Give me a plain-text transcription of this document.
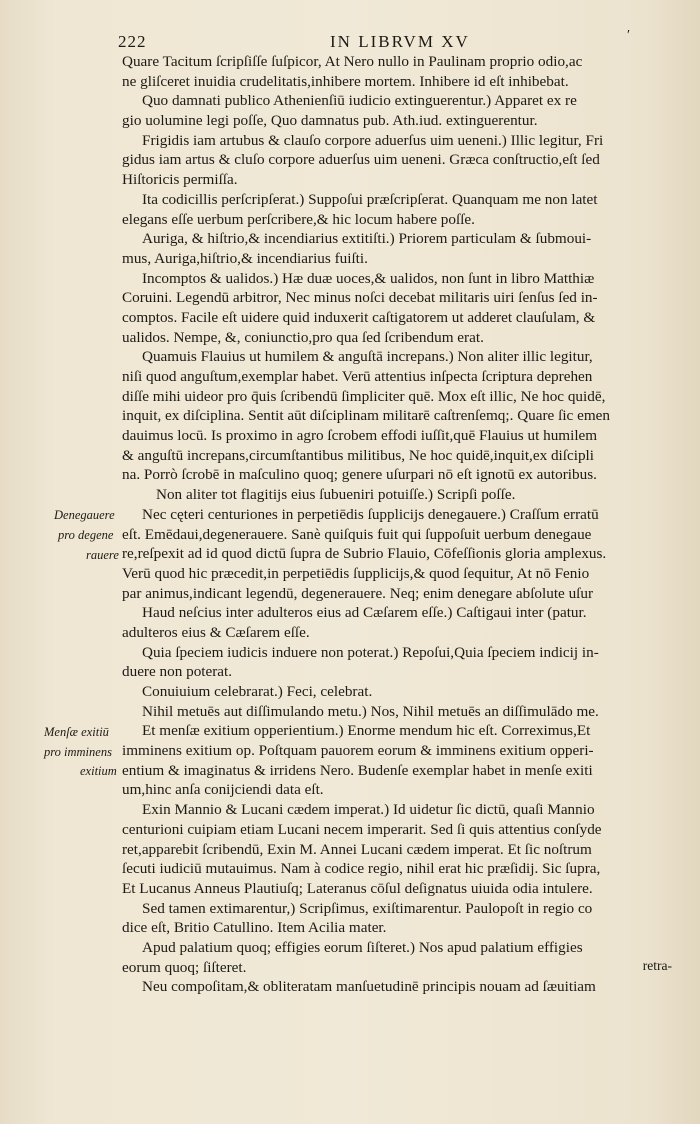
222	IN LIBRVM XV	′
Denegauere
pro degene
rauere
Menſæ exitiū
pro imminens
exitium
Quare Tacitum ſcripſiſſe ſuſpicor, At Nero nullo in Paulinam proprio odio,ac
ne gliſceret inuidia crudelitatis,inhibere mortem. Inhibere id eſt inhibebat.
Quo damnati publico Athenienſiū iudicio extinguerentur.) Apparet ex re
gio uolumine legi poſſe, Quo damnatus pub. Ath.iud. extinguerentur.
Frigidis iam artubus & clauſo corpore aduerſus uim ueneni.) Illic legitur, Fri
gidus iam artus & cluſo corpore aduerſus uim ueneni. Græca conſtructio,eſt ſed
Hiſtoricis permiſſa.
Ita codicillis perſcripſerat.) Suppoſui præſcripſerat. Quanquam me non latet
elegans eſſe uerbum perſcribere,& hic locum habere poſſe.
Auriga, & hiſtrio,& incendiarius extitiſti.) Priorem particulam & ſubmoui-
mus, Auriga,hiſtrio,& incendiarius fuiſti.
Incomptos & ualidos.) Hæ duæ uoces,& ualidos, non ſunt in libro Matthiæ
Coruini. Legendū arbitror, Nec minus noſci decebat militaris uiri ſenſus ſed in-
comptos. Facile eſt uidere quid induxerit caſtigatorem ut adderet clauſulam, &
ualidos. Nempe, &, coniunctio,pro qua ſed ſcribendum erat.
Quamuis Flauius ut humilem & anguſtā increpans.) Non aliter illic legitur,
niſi quod anguſtum,exemplar habet. Verū attentius inſpecta ſcriptura deprehen
diſſe mihi uideor pro q̄uis ſcribendū ſimpliciter quē. Mox eſt illic, Ne hoc quidē,
inquit, ex diſciplina. Sentit aūt diſciplinam militarē caſtrenſemq;. Quare ſic emen
dauimus locū. Is proximo in agro ſcrobem effodi iuſſit,quē Flauius ut humilem
& anguſtū increpans,circumſtantibus militibus, Ne hoc quidē,inquit,ex diſcipli
na. Porrò ſcrobē in maſculino quoq; genere uſurpari nō eſt ignotū ex autoribus.
Non aliter tot flagitijs eius ſubueniri potuiſſe.) Scripſi poſſe.
Nec cęteri centuriones in perpetiēdis ſupplicijs denegauere.) Craſſum erratū
eſt. Emēdaui,degenerauere. Sanè quiſquis fuit qui ſuppoſuit uerbum denegaue
re,reſpexit ad id quod dictū ſupra de Subrio Flauio, Cōfeſſionis gloria amplexus.
Verū quod hic præcedit,in perpetiēdis ſupplicijs,& quod ſequitur, At nō Fenio
par animus,indicant legendū, degenerauere. Neq; enim denegare abſolute uſur
Haud neſcius inter adulteros eius ad Cæſarem eſſe.) Caſtigaui inter (patur.
adulteros eius & Cæſarem eſſe.
Quia ſpeciem iudicis induere non poterat.) Repoſui,Quia ſpeciem indicij in-
duere non poterat.
Conuiuium celebrarat.) Feci, celebrat.
Nihil metuēs aut diſſimulando metu.) Nos, Nihil metuēs an diſſimulādo me.
Et menſæ exitium opperientium.) Enorme mendum hic eſt. Correximus,Et
imminens exitium op. Poſtquam pauorem eorum & imminens exitium opperi-
entium & imaginatus & irridens Nero. Budenſe exemplar habet in menſe exiti
um,hinc anſa conijciendi data eſt.
Exin Mannio & Lucani cædem imperat.) Id uidetur ſic dictū, quaſi Mannio
centurioni cuipiam etiam Lucani necem imperarit. Sed ſi quis attentius conſyde
ret,apparebit ſcribendū, Exin M. Annei Lucani cædem imperat. Et ſic noſtrum
ſecuti iudiciū mutauimus. Nam à codice regio, nihil erat hic præſidij. Sic ſupra,
Et Lucanus Anneus Plautiuſq; Lateranus cōſul deſignatus uiuida odia intulere.
Sed tamen extimarentur,) Scripſimus, exiſtimarentur. Paulopoſt in regio co
dice eſt, Britio Catullino. Item Acilia mater.
Apud palatium quoq; effigies eorum ſiſteret.) Nos apud palatium effigies
eorum quoq; ſiſteret.
Neu compoſitam,& obliteratam manſuetudinē principis nouam ad ſæuitiam
retra-
